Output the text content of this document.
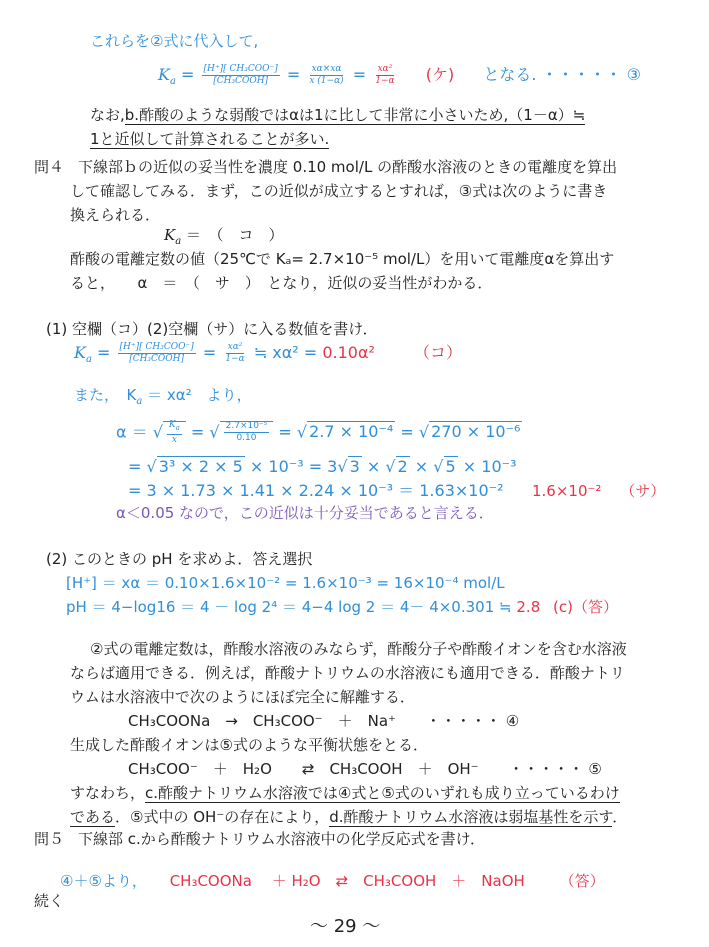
これらを②式に代入して,
$K_a = \frac{\text{[H⁺][ CH₃COO⁻]}}{\text{[CH₃COOH]}} = \frac{x\alpha\times x\alpha}{x (1-\alpha)} = \frac{\text{xα²}}{1-\alpha}$ (ケ) となる. ・・・・・ ③
なお,b.酢酸のような弱酸ではαは1に比して非常に小さいため,（1－α）≒
1と近似して計算されることが多い.
問４ 下線部ｂの近似の妥当性を濃度 0.10 mol/L の酢酸水溶液のときの電離度を算出
して確認してみる．まず，この近似が成立するとすれば，③式は次のように書き
換えられる．
$K_a$ ＝　（　コ　）
酢酸の電離定数の値（25℃で Kₐ= 2.7×10⁻⁵ mol/L）を用いて電離度αを算出す
ると，　　α　＝　（　サ　）　となり，近似の妥当性がわかる．
(1) 空欄（コ）(2)空欄（サ）に入る数値を書け．
$K_a = \frac{\text{[H⁺][ CH₃COO⁻]}}{\text{[CH₃COOH]}} = \frac{\text{xα²}}{1-\alpha}$ ≒ xα² = 0.10α² （コ）
また，　$K_a = x\alpha^2$　より，
α ＝ √ $\frac{K_a}{x}$ = √ $\frac{\text{2.7×10⁻⁵}}{0.10}$ = √ 2.7 × 10⁻⁴ = √ 270 × 10⁻⁶
= √ 3³ × 2 × 5 × 10⁻³ = 3√ 3 × √ 2 × √ 5 × 10⁻³
= 3 × 1.73 × 1.41 × 2.24 × 10⁻³ ＝ 1.63×10⁻² 1.6×10⁻² （サ）
α＜0.05 なので，この近似は十分妥当であると言える．
(2) このときの pH を求めよ．答え選択
[H⁺] ＝ xα ＝ 0.10×1.6×10⁻² = 1.6×10⁻³ = 16×10⁻⁴ mol/L
pH ＝ 4−log16 ＝ 4 － log 2⁴ ＝ 4−4 log 2 ＝ 4－ 4×0.301 ≒ 2.8 (c)（答）
②式の電離定数は，酢酸水溶液のみならず，酢酸分子や酢酸イオンを含む水溶液
ならば適用できる．例えば，酢酸ナトリウムの水溶液にも適用できる．酢酸ナトリ
ウムは水溶液中で次のようにほぼ完全に解離する．
CH₃COONa　→　CH₃COO⁻　＋　Na⁺　　・・・・・ ④
生成した酢酸イオンは⑤式のような平衡状態をとる．
CH₃COO⁻　＋　H₂O　　⇄　CH₃COOH　＋　OH⁻　　・・・・・ ⑤
すなわち，c.酢酸ナトリウム水溶液では④式と⑤式のいずれも成り立っているわけ
である．⑤式中の OH⁻の存在により，d.酢酸ナトリウム水溶液は弱塩基性を示す．
問５ 下線部 c.から酢酸ナトリウム水溶液中の化学反応式を書け．
④＋⑤より， CH₃COONa　 ＋ H₂O　⇄　CH₃COOH　＋　NaOH （答）
続く
～ 29 ～
